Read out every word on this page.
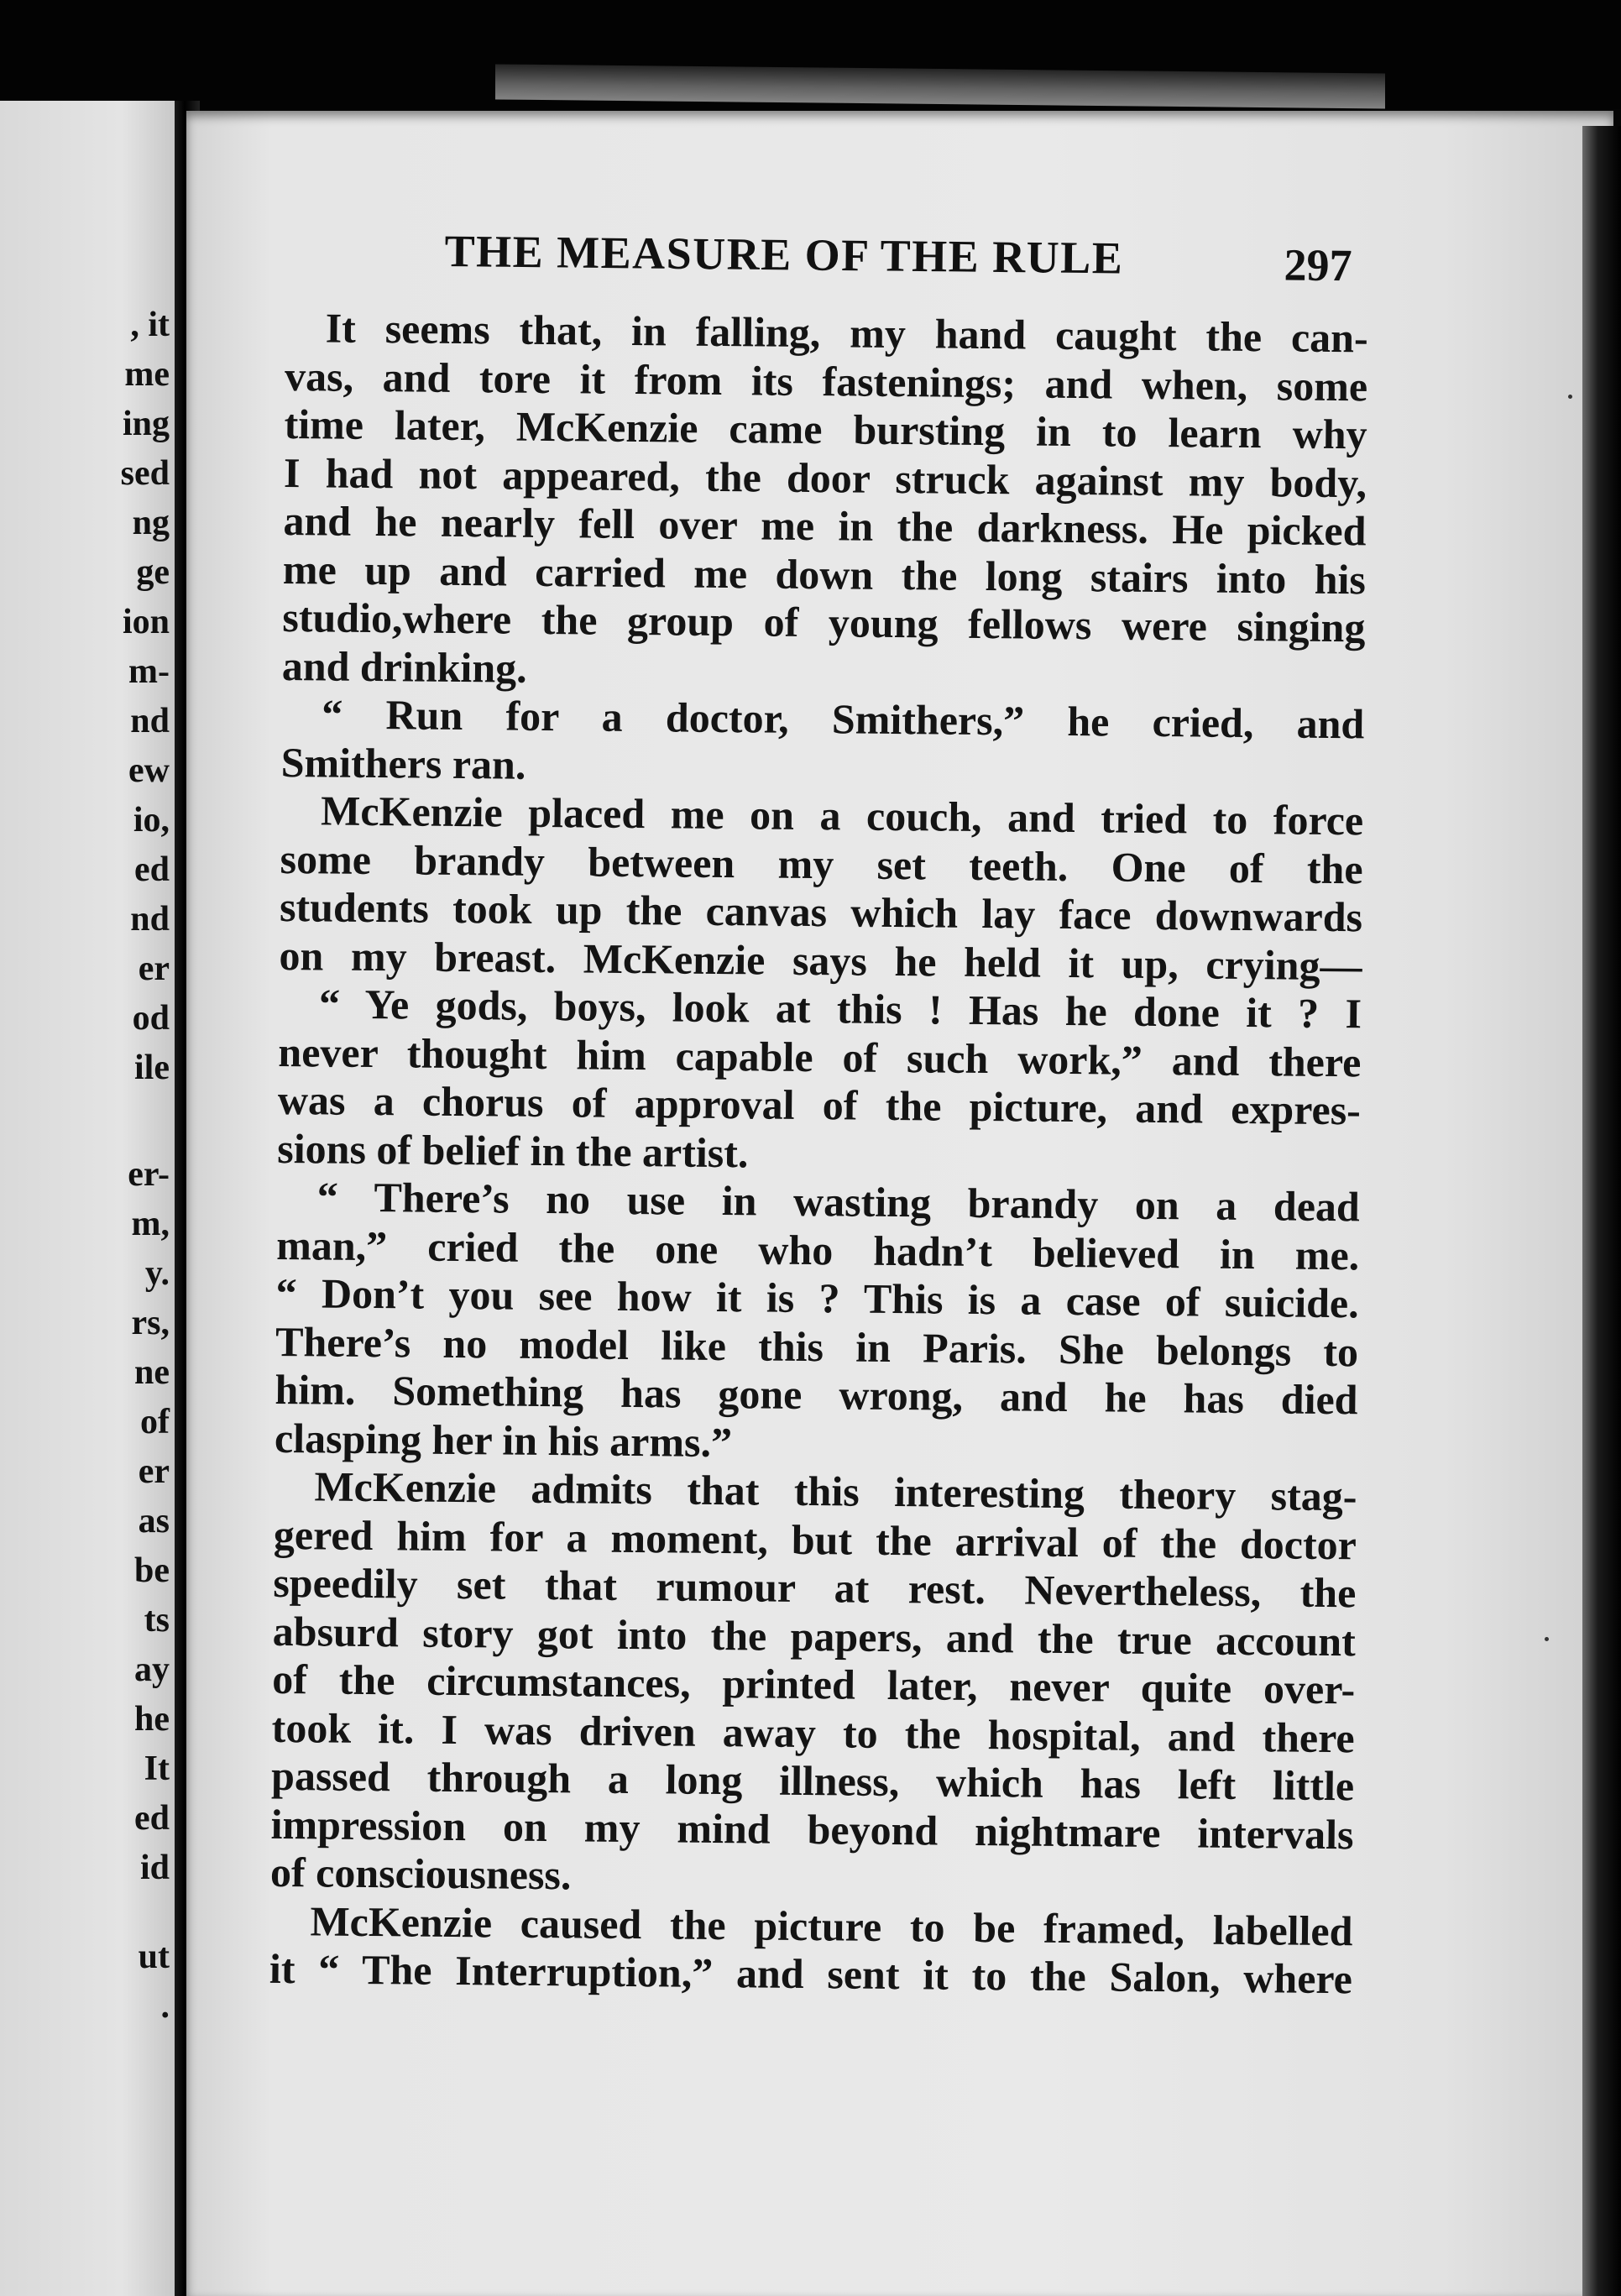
, it
me
ing
sed
ng
ge
ion
m-
nd
ew
io,
ed
nd
er
od
ile
er-
m,
y.
rs,
ne
of
er
as
be
ts
ay
he
It
ed
id
ut
.
THE MEASURE OF THE RULE	297
It seems that, in falling, my hand caught the can-
vas, and tore it from its fastenings; and when, some
time later, McKenzie came bursting in to learn why
I had not appeared, the door struck against my body,
and he nearly fell over me in the darkness. He picked
me up and carried me down the long stairs into his
studio,where the group of young fellows were singing
and drinking.
“ Run for a doctor, Smithers,” he cried, and
Smithers ran.
McKenzie placed me on a couch, and tried to force
some brandy between my set teeth. One of the
students took up the canvas which lay face downwards
on my breast. McKenzie says he held it up, crying—
“ Ye gods, boys, look at this ! Has he done it ? I
never thought him capable of such work,” and there
was a chorus of approval of the picture, and expres-
sions of belief in the artist.
“ There’s no use in wasting brandy on a dead
man,” cried the one who hadn’t believed in me.
“ Don’t you see how it is ? This is a case of suicide.
There’s no model like this in Paris. She belongs to
him. Something has gone wrong, and he has died
clasping her in his arms.”
McKenzie admits that this interesting theory stag-
gered him for a moment, but the arrival of the doctor
speedily set that rumour at rest. Nevertheless, the
absurd story got into the papers, and the true account
of the circumstances, printed later, never quite over-
took it. I was driven away to the hospital, and there
passed through a long illness, which has left little
impression on my mind beyond nightmare intervals
of consciousness.
McKenzie caused the picture to be framed, labelled
it “ The Interruption,” and sent it to the Salon, where
